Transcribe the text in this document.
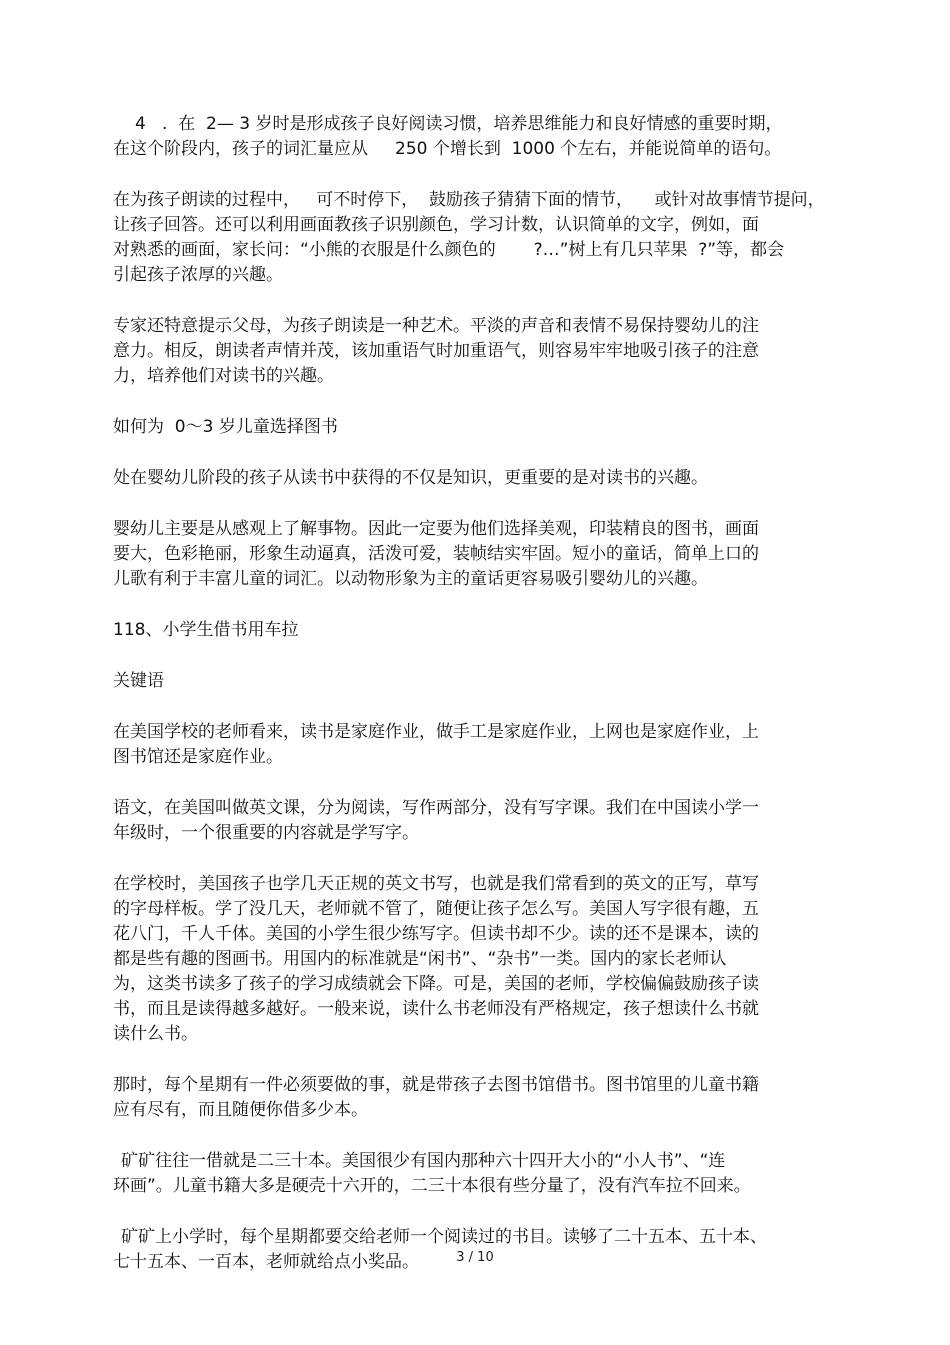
4   .  在  2— 3 岁时是形成孩子良好阅读习惯，培养思维能力和良好情感的重要时期，
在这个阶段内，孩子的词汇量应从     250 个增长到  1000 个左右，并能说简单的语句。

在为孩子朗读的过程中，   可不时停下，  鼓励孩子猜猜下面的情节，    或针对故事情节提问，
让孩子回答。还可以利用画面教孩子识别颜色，学习计数，认识简单的文字，例如，面
对熟悉的画面，家长问：“小熊的衣服是什么颜色的       ?…”树上有几只苹果  ?”等，都会
引起孩子浓厚的兴趣。

专家还特意提示父母，为孩子朗读是一种艺术。平淡的声音和表情不易保持婴幼儿的注
意力。相反，朗读者声情并茂，该加重语气时加重语气，则容易牢牢地吸引孩子的注意
力，培养他们对读书的兴趣。

如何为  0～3 岁儿童选择图书

处在婴幼儿阶段的孩子从读书中获得的不仅是知识，更重要的是对读书的兴趣。

婴幼儿主要是从感观上了解事物。因此一定要为他们选择美观，印装精良的图书，画面
要大，色彩艳丽，形象生动逼真，活泼可爱，装帧结实牢固。短小的童话，简单上口的
儿歌有利于丰富儿童的词汇。以动物形象为主的童话更容易吸引婴幼儿的兴趣。

118、小学生借书用车拉

关键语

在美国学校的老师看来，读书是家庭作业，做手工是家庭作业，上网也是家庭作业，上
图书馆还是家庭作业。

语文，在美国叫做英文课，分为阅读，写作两部分，没有写字课。我们在中国读小学一
年级时，一个很重要的内容就是学写字。

在学校时，美国孩子也学几天正规的英文书写，也就是我们常看到的英文的正写，草写
的字母样板。学了没几天，老师就不管了，随便让孩子怎么写。美国人写字很有趣，五
花八门，千人千体。美国的小学生很少练写字。但读书却不少。读的还不是课本，读的
都是些有趣的图画书。用国内的标准就是“闲书”、“杂书”一类。国内的家长老师认
为，这类书读多了孩子的学习成绩就会下降。可是，美国的老师，学校偏偏鼓励孩子读
书，而且是读得越多越好。一般来说，读什么书老师没有严格规定，孩子想读什么书就
读什么书。

那时，每个星期有一件必须要做的事，就是带孩子去图书馆借书。图书馆里的儿童书籍
应有尽有，而且随便你借多少本。

矿矿往往一借就是二三十本。美国很少有国内那种六十四开大小的“小人书”、“连
环画”。儿童书籍大多是硬壳十六开的，二三十本很有些分量了，没有汽车拉不回来。

矿矿上小学时，每个星期都要交给老师一个阅读过的书目。读够了二十五本、五十本、
七十五本、一百本，老师就给点小奖品。	3 / 10
